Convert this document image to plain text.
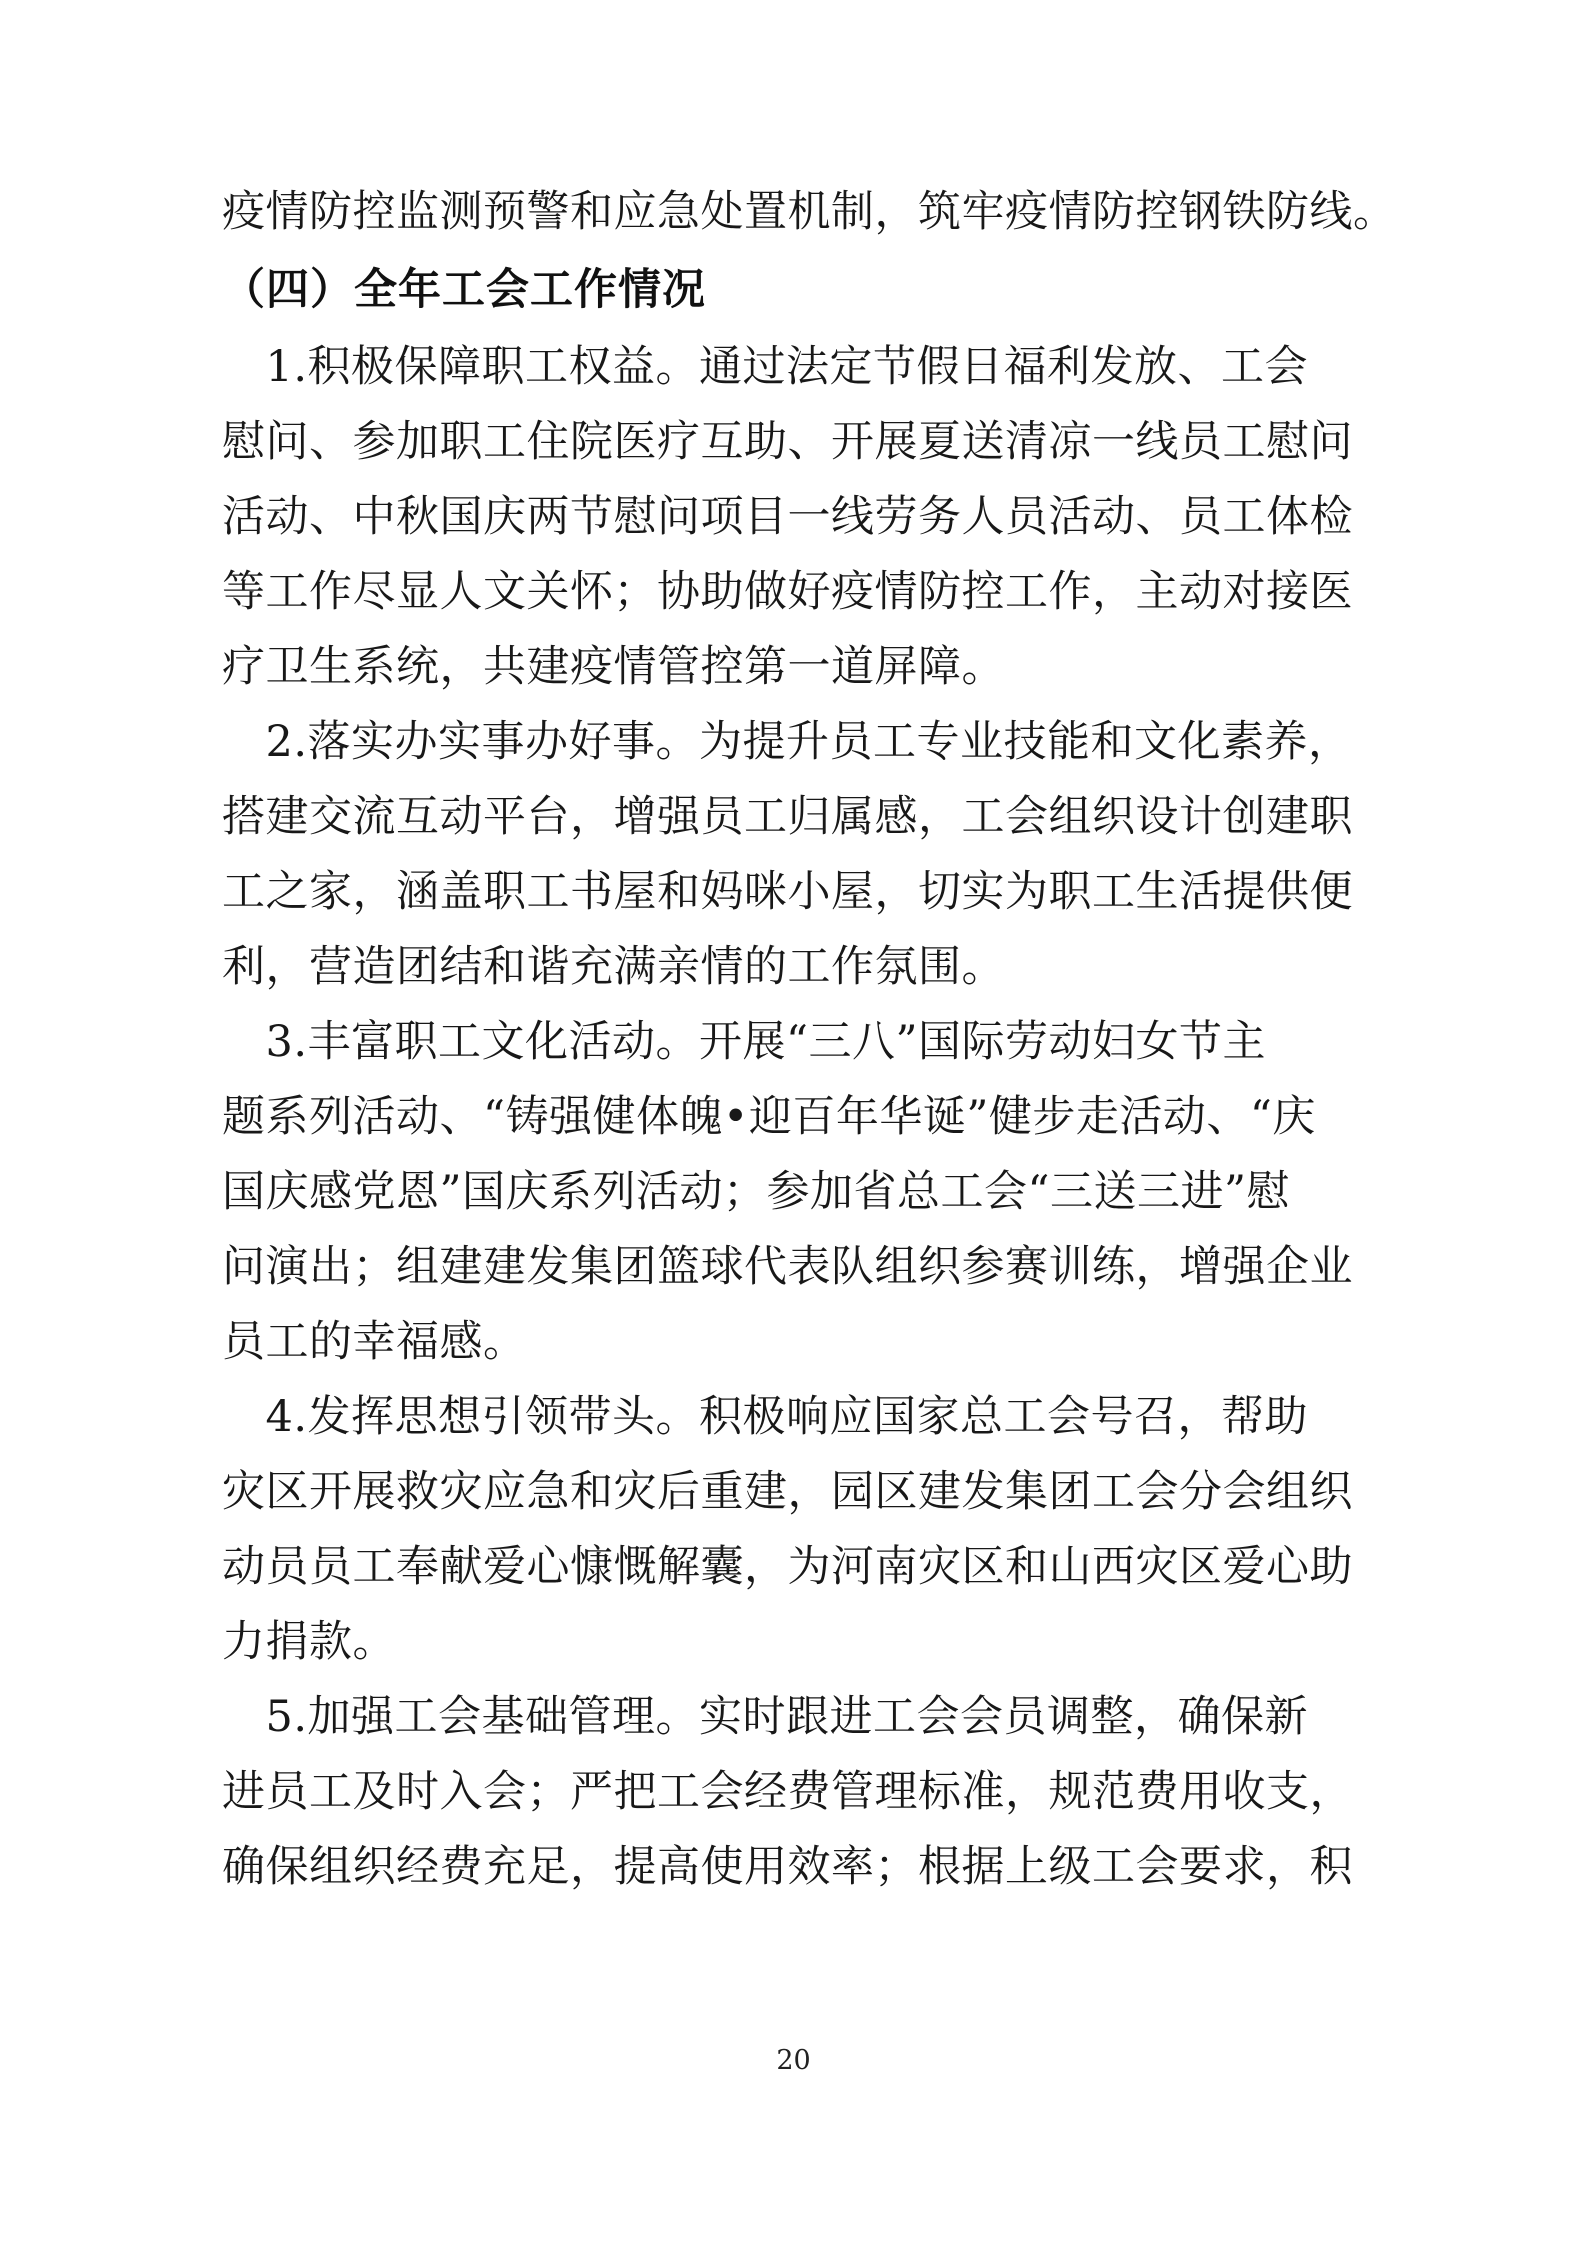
疫情防控监测预警和应急处置机制，筑牢疫情防控钢铁防线。
（四）全年工会工作情况
　1.积极保障职工权益。通过法定节假日福利发放、工会
慰问、参加职工住院医疗互助、开展夏送清凉一线员工慰问
活动、中秋国庆两节慰问项目一线劳务人员活动、员工体检
等工作尽显人文关怀；协助做好疫情防控工作，主动对接医
疗卫生系统，共建疫情管控第一道屏障。
　2.落实办实事办好事。为提升员工专业技能和文化素养，
搭建交流互动平台，增强员工归属感，工会组织设计创建职
工之家，涵盖职工书屋和妈咪小屋，切实为职工生活提供便
利，营造团结和谐充满亲情的工作氛围。
　3.丰富职工文化活动。开展“三八”国际劳动妇女节主
题系列活动、“铸强健体魄•迎百年华诞”健步走活动、“庆
国庆感党恩”国庆系列活动；参加省总工会“三送三进”慰
问演出；组建建发集团篮球代表队组织参赛训练，增强企业
员工的幸福感。
　4.发挥思想引领带头。积极响应国家总工会号召，帮助
灾区开展救灾应急和灾后重建，园区建发集团工会分会组织
动员员工奉献爱心慷慨解囊，为河南灾区和山西灾区爱心助
力捐款。
　5.加强工会基础管理。实时跟进工会会员调整，确保新
进员工及时入会；严把工会经费管理标准，规范费用收支，
确保组织经费充足，提高使用效率；根据上级工会要求，积
20
